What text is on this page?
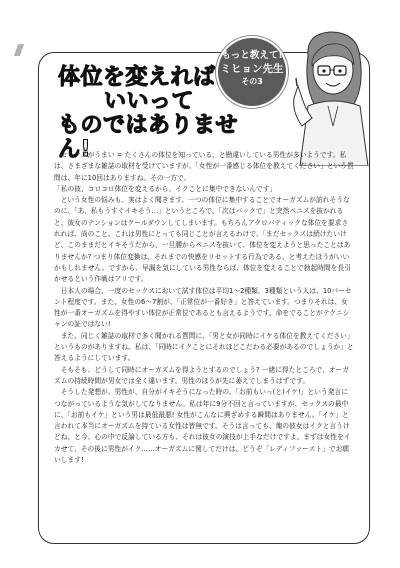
体位を変えれば
いいって
ものではありません!
もっと教えて!
ミヒョン先生
その3

セックスがうまい = たくさんの体位を知っている、と勘違いしている男性が多いようです。私は、さまざまな雑誌の取材を受けていますが、「女性が一番感じる体位を教えてください」という質問は、年に10回はありますね。その一方で、

「私の彼、コロコロ体位を変えるから、イクことに集中できないんです」

という女性の悩みも、実はよく聞きます。一つの体位に集中することでオーガズムが訪れそうなのに、「あ、私もうすぐイキそう…」というところで、「次はバックで」と突然ペニスを抜かれると、彼女のテンションはクールダウンしてしまいます。もちろんアクロバティックな体位を要求されれば、尚のこと。これは男性にとっても同じことが言えるわけで、「まだセックスは続けたいけど、このままだとイキそうだから、一旦腰からペニスを抜いて、体位を変えようと思ったことはありませんか? つまり体位変換は、それまでの快感をリセットする行為である、と考えたほうがいいかもしれません。ですから、早漏を気にしている男性ならば、体位を変えることで勃起時間を長引かせるという作戦はアリです。

日本人の場合、一度のセックスにおいて試す体位は平均1〜2種類、3種類という人は、10パーセント程度です。また、女性の6〜7割が、「正常位が一番好き」と答えています。つまりそれは、女性が一番オーガズムを得やすい体位が正常位であるとも言えるようです。命をでることがテクニシャンの証ではない!

また、同じく雑誌の取材で多く聞かれる質問に、「男と女が同時にイケる体位を教えてください」というものがありますね。私は、「同時にイクことにそれほどこだわる必要があるのでしょうか」と答えるようにしています。

そもそも、どうして同時にオーガズムを得ようとするのでしょう? 一緒に得たところで、オーガズムの持続時間が男女では全く違います。男性のほうが先に萎えてしまうはずです。

そうした発想が、男性が、自分がイキそうになった時の、「お前もいっ(と)イケ!」という発言につながっているような気がしてなりません。私は年に9分不回と言っていますが、セックスの最中に、「お前もイケ」という男は最低最悪! 女性がこんなに興ざめする瞬間はありません。「イケ」と言われて本当にオーガズムを持ている女性は皆無です。そうは言っても、俺の彼女はイクと言うけどね、と今、心の中で反論している方も、それは彼女の演技が上手なだけですよ。まずは女性をイカせて、その後に男性がイク……オーガズムに関してだけは、どうぞ「レディファースト」でお願いします!
